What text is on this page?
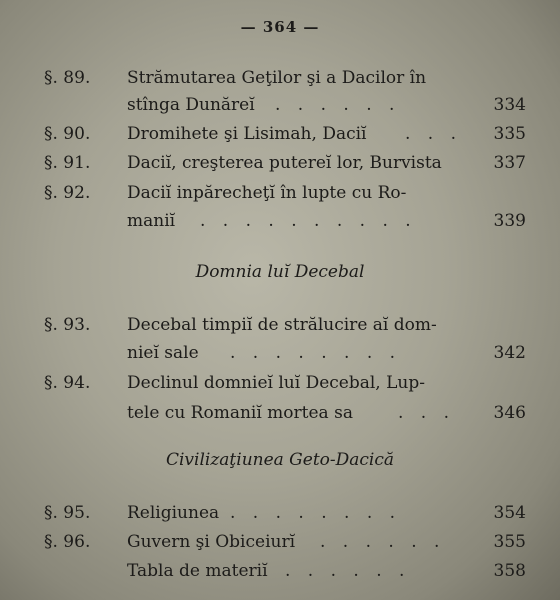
— 364 —
§. 89. Strămutarea Geţilor şi a Dacilor în
stînga Dunăreĭ . . . . . .	334
§. 90. Dromihete şi Lisimah, Daciĭ . . . 335
§. 91. Daciĭ, creşterea putereĭ lor, Burvista	337
§. 92. Daciĭ inpărecheţĭ în lupte cu Ro-
maniĭ . . . . . . . . . .	339
Domnia luĭ Decebal
§. 93. Decebal timpiĭ de strălucire aĭ dom-
nieĭ sale . . . . . . . .	342
§. 94. Declinul domnieĭ luĭ Decebal, Lup-
tele cu Romaniĭ mortea sa	. . . 346
Civilizaţiunea Geto-Dacică
§. 95. Religiunea . . . . . . . .	354
§. 96. Guvern şi Obiceiurĭ . . . . . .	355
Tabla de materiĭ . . . . . .	358
